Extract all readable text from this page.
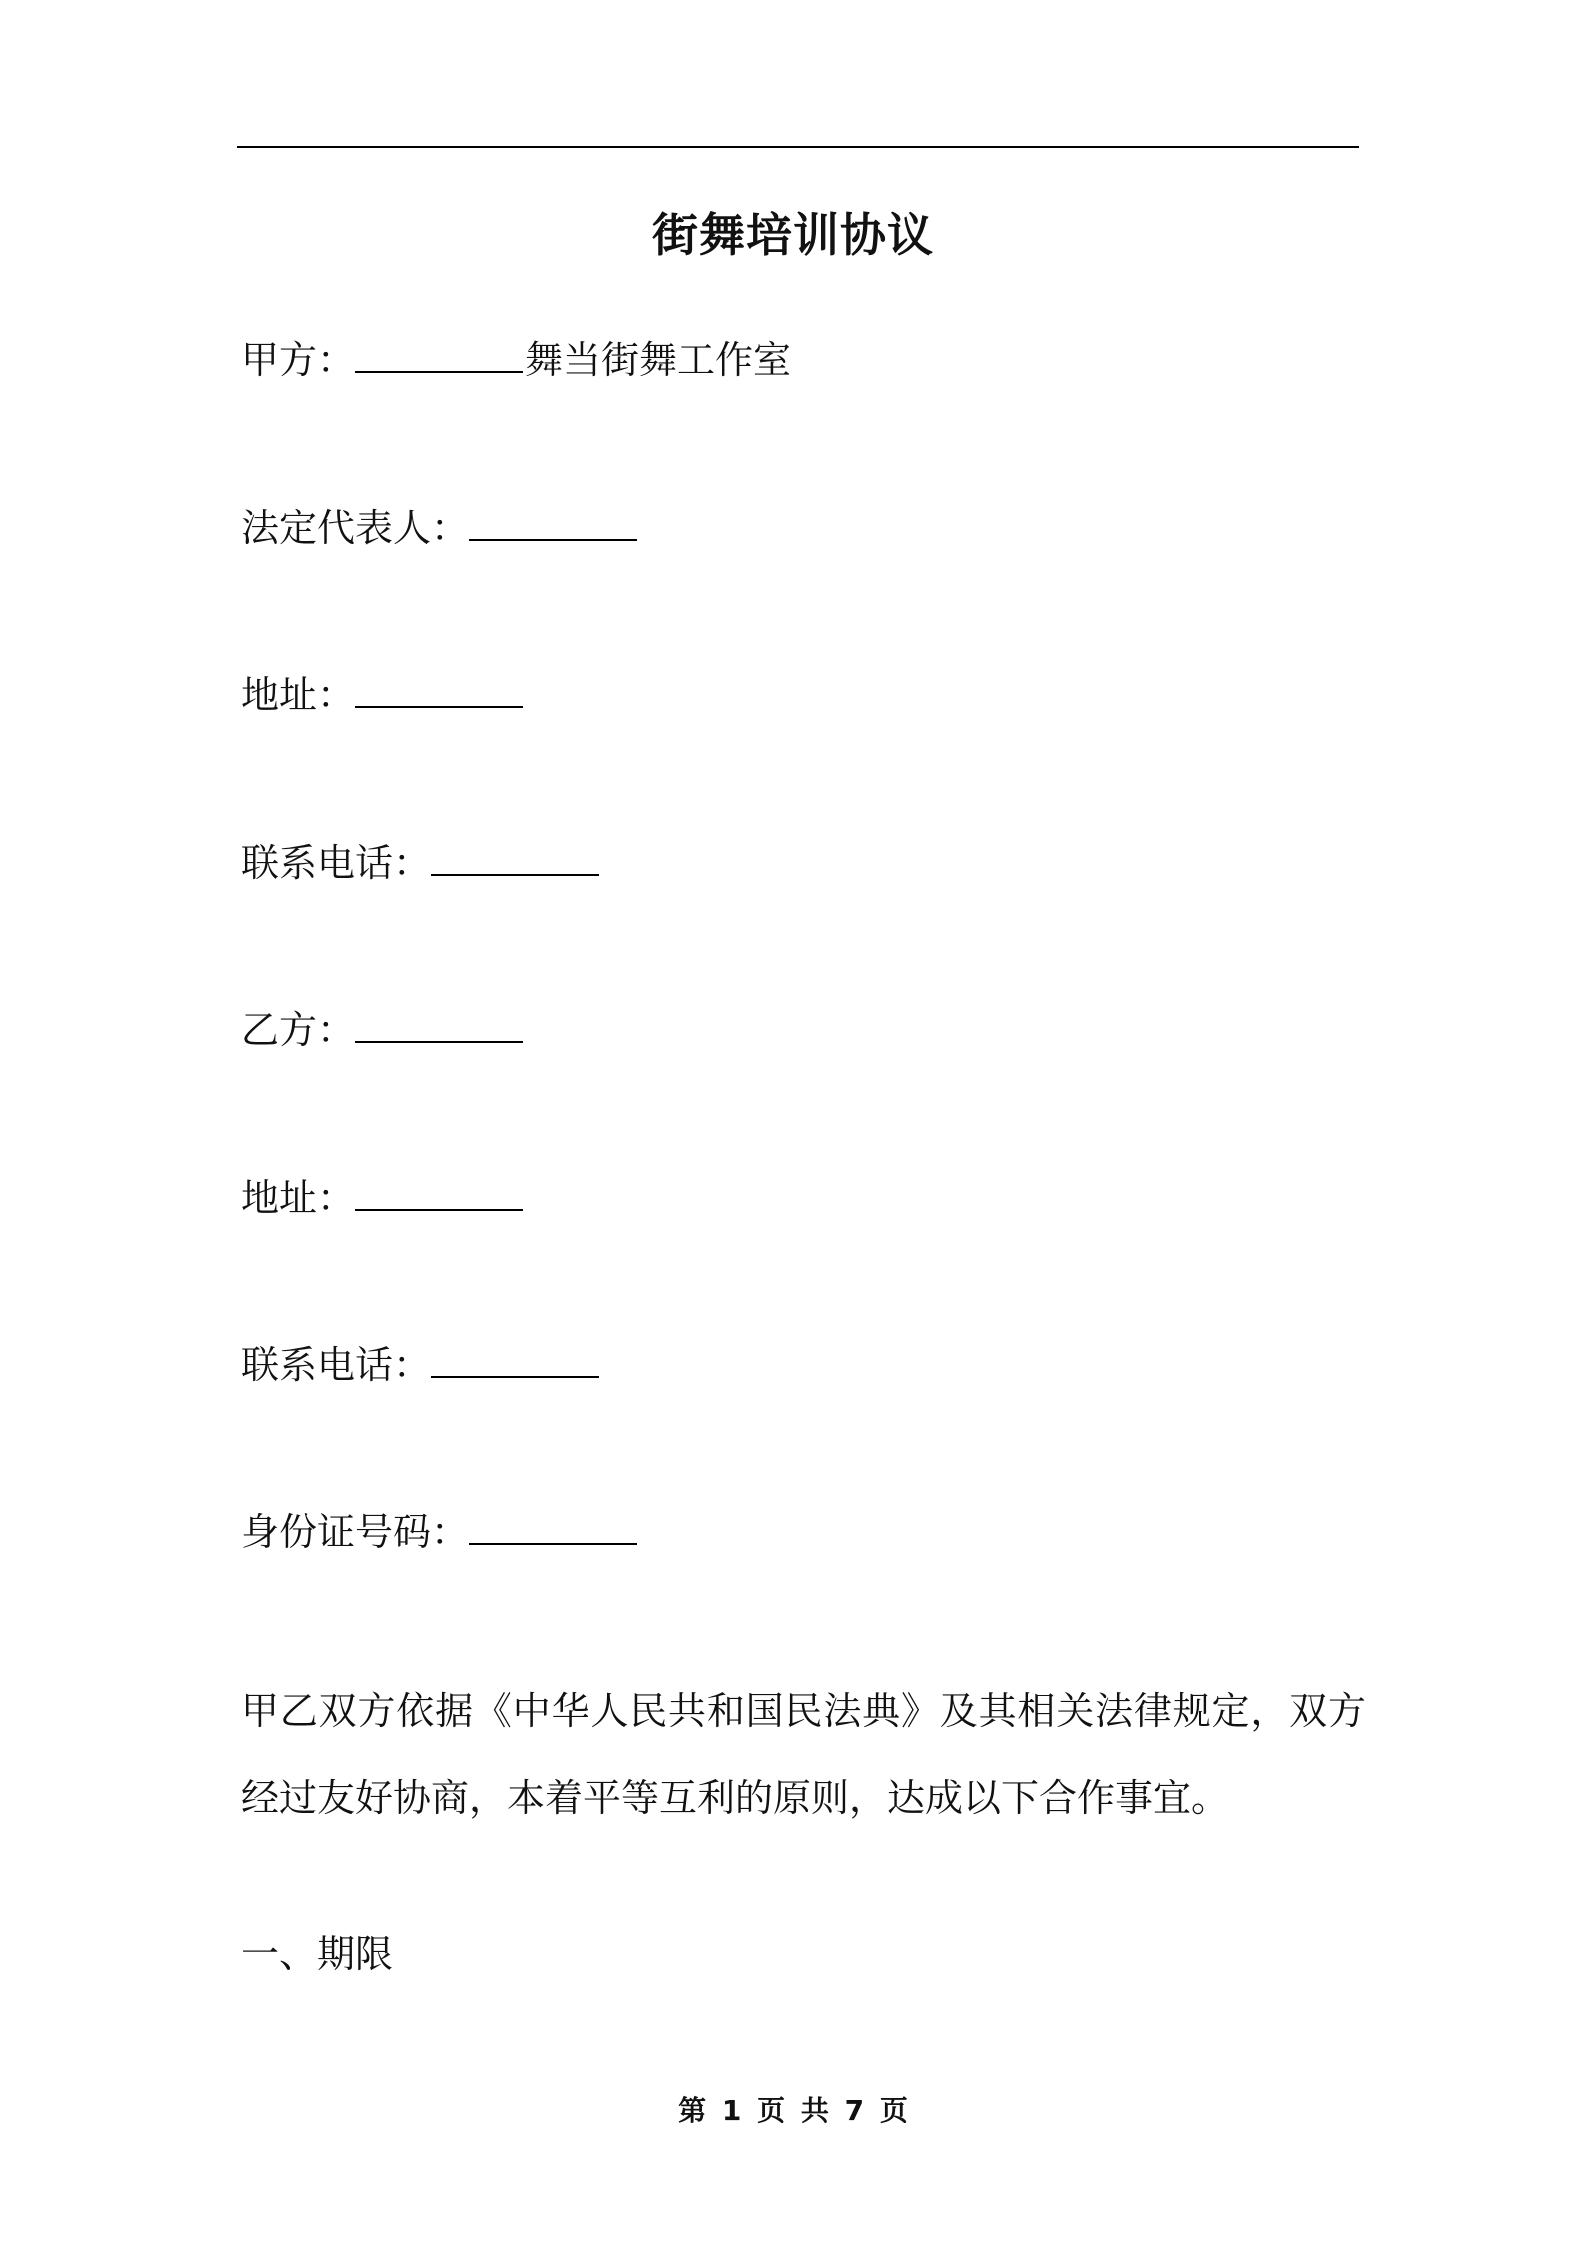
街舞培训协议
甲方：	舞当街舞工作室
法定代表人：
地址：
联系电话：
乙方：
地址：
联系电话：
身份证号码：
甲乙双方依据《中华人民共和国民法典》及其相关法律规定，双方经过友好协商，本着平等互利的原则，达成以下合作事宜。
一、期限
第 1 页 共 7 页
